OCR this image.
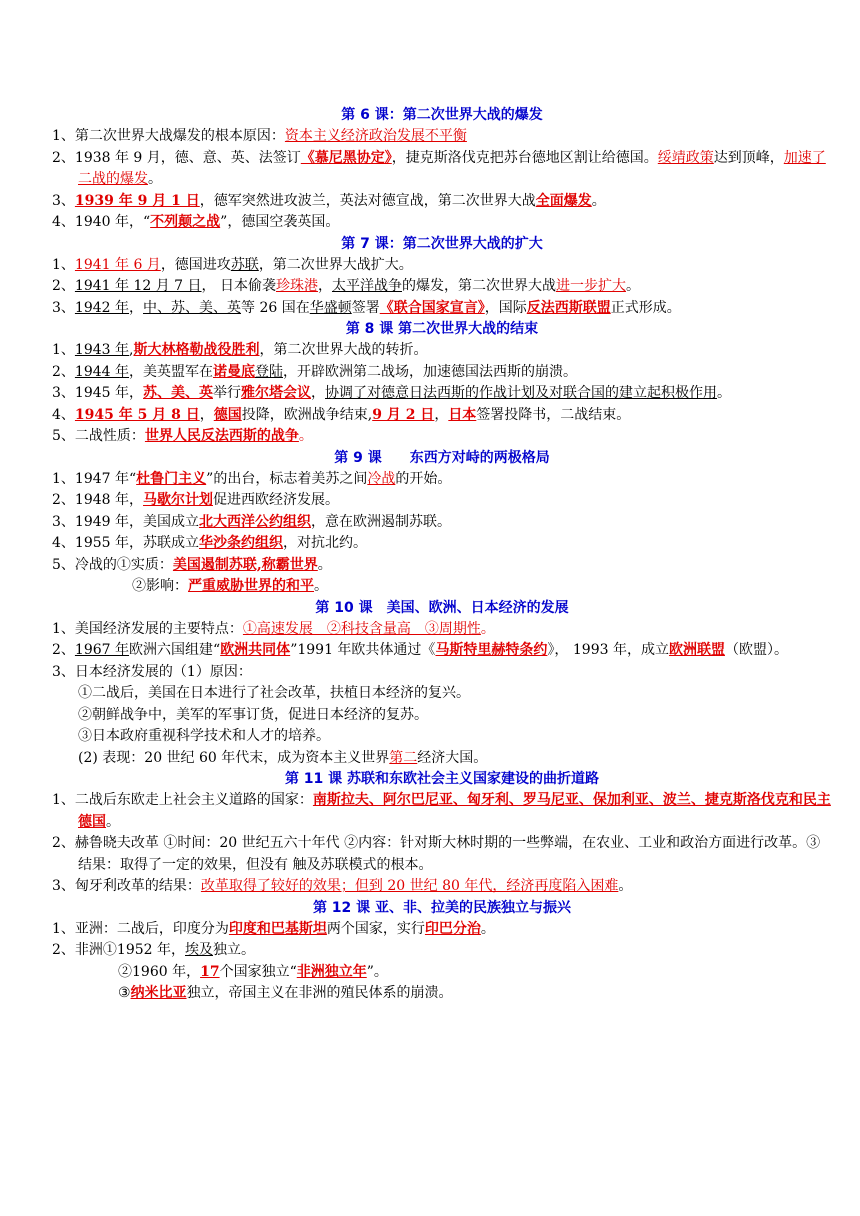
第 6 课：第二次世界大战的爆发
1、第二次世界大战爆发的根本原因：资本主义经济政治发展不平衡
2、1938 年 9 月，德、意、英、法签订《慕尼黑协定》，捷克斯洛伐克把苏台德地区割让给德国。绥靖政策达到顶峰，加速了二战的爆发。
3、1939 年 9 月 1 日，德军突然进攻波兰，英法对德宣战，第二次世界大战全面爆发。
4、1940 年，“不列颠之战”，德国空袭英国。
第 7 课：第二次世界大战的扩大
1、1941 年 6 月，德国进攻苏联，第二次世界大战扩大。
2、1941 年 12 月 7 日， 日本偷袭珍珠港，太平洋战争的爆发，第二次世界大战进一步扩大。
3、1942 年，中、苏、美、英等 26 国在华盛顿签署《联合国家宣言》，国际反法西斯联盟正式形成。
第 8 课 第二次世界大战的结束
1、1943 年,斯大林格勒战役胜利，第二次世界大战的转折。
2、1944 年，美英盟军在诺曼底登陆，开辟欧洲第二战场，加速德国法西斯的崩溃。
3、1945 年，苏、美、英举行雅尔塔会议，协调了对德意日法西斯的作战计划及对联合国的建立起积极作用。
4、1945 年 5 月 8 日，德国投降，欧洲战争结束,9 月 2 日，日本签署投降书，二战结束。
5、二战性质：世界人民反法西斯的战争。
第 9 课　　东西方对峙的两极格局
1、1947 年“杜鲁门主义”的出台，标志着美苏之间冷战的开始。
2、1948 年，马歇尔计划促进西欧经济发展。
3、1949 年，美国成立北大西洋公约组织，意在欧洲遏制苏联。
4、1955 年，苏联成立华沙条约组织，对抗北约。
5、冷战的①实质：美国遏制苏联,称霸世界。
②影响：严重威胁世界的和平。
第 10 课　美国、欧洲、日本经济的发展
1、美国经济发展的主要特点：①高速发展　②科技含量高　③周期性。
2、1967 年欧洲六国组建“欧洲共同体”1991 年欧共体通过《马斯特里赫特条约》， 1993 年，成立欧洲联盟（欧盟）。
3、日本经济发展的（1）原因：
①二战后，美国在日本进行了社会改革，扶植日本经济的复兴。
②朝鲜战争中，美军的军事订货，促进日本经济的复苏。
③日本政府重视科学技术和人才的培养。
(2) 表现：20 世纪 60 年代末，成为资本主义世界第二经济大国。
第 11 课 苏联和东欧社会主义国家建设的曲折道路
1、二战后东欧走上社会主义道路的国家：南斯拉夫、阿尔巴尼亚、匈牙利、罗马尼亚、保加利亚、波兰、捷克斯洛伐克和民主德国。
2、赫鲁晓夫改革 ①时间：20 世纪五六十年代 ②内容：针对斯大林时期的一些弊端，在农业、工业和政治方面进行改革。③结果：取得了一定的效果，但没有 触及苏联模式的根本。
3、匈牙利改革的结果：改革取得了较好的效果；但到 20 世纪 80 年代，经济再度陷入困难。
第 12 课 亚、非、拉美的民族独立与振兴
1、亚洲：二战后，印度分为印度和巴基斯坦两个国家，实行印巴分治。
2、非洲①1952 年，埃及独立。
②1960 年，17个国家独立“非洲独立年”。
③纳米比亚独立，帝国主义在非洲的殖民体系的崩溃。
